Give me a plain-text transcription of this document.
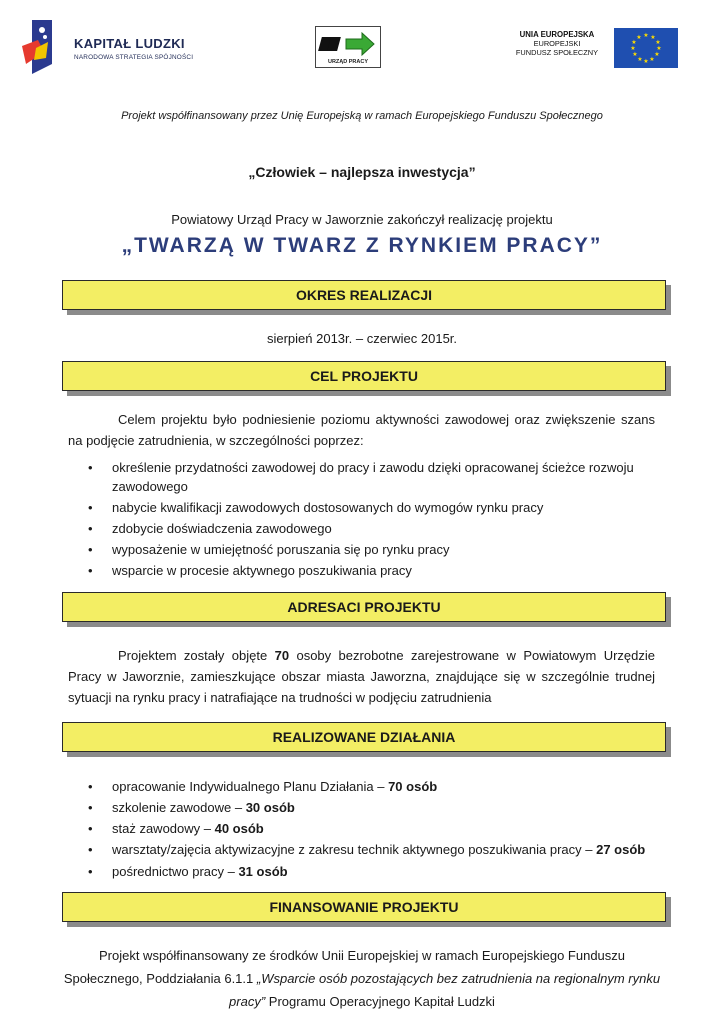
KAPITAŁ LUDZKI
NARODOWA STRATEGIA SPÓJNOŚCI
URZĄD PRACY
UNIA EUROPEJSKA
EUROPEJSKI
FUNDUSZ SPOŁECZNY
★ ★
★
★
★
★
★
★
★
★
★
★
Projekt współfinansowany przez Unię Europejską w ramach Europejskiego Funduszu Społecznego
„Człowiek – najlepsza inwestycja”
Powiatowy Urząd Pracy w Jaworznie zakończył realizację projektu
„TWARZĄ W TWARZ Z RYNKIEM PRACY”
OKRES REALIZACJI
sierpień 2013r. – czerwiec 2015r.
CEL PROJEKTU
Celem projektu było podniesienie poziomu aktywności zawodowej oraz zwiększenie szans na podjęcie zatrudnienia, w szczególności poprzez:
• określenie przydatności zawodowej do pracy i zawodu dzięki opracowanej ścieżce rozwoju zawodowego
• nabycie kwalifikacji zawodowych dostosowanych do wymogów rynku pracy
• zdobycie doświadczenia zawodowego
• wyposażenie w umiejętność poruszania się po rynku pracy
• wsparcie w procesie aktywnego poszukiwania pracy
ADRESACI PROJEKTU
Projektem zostały objęte 70 osoby bezrobotne zarejestrowane w Powiatowym Urzędzie Pracy w Jaworznie, zamieszkujące obszar miasta Jaworzna, znajdujące się w szczególnie trudnej sytuacji na rynku pracy i natrafiające na trudności w podjęciu zatrudnienia
REALIZOWANE DZIAŁANIA
• opracowanie Indywidualnego Planu Działania – 70 osób
• szkolenie zawodowe – 30 osób
• staż zawodowy – 40 osób
• warsztaty/zajęcia aktywizacyjne z zakresu technik aktywnego poszukiwania pracy – 27 osób
• pośrednictwo pracy – 31 osób
FINANSOWANIE PROJEKTU
Projekt współfinansowany ze środków Unii Europejskiej w ramach Europejskiego Funduszu Społecznego, Poddziałania 6.1.1 „Wsparcie osób pozostających bez zatrudnienia na regionalnym rynku pracy” Programu Operacyjnego Kapitał Ludzki
